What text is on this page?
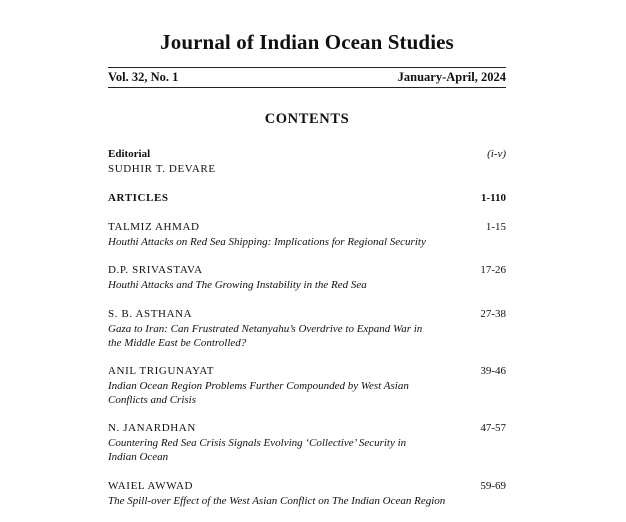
Journal of Indian Ocean Studies
Vol. 32, No. 1	January-April, 2024
CONTENTS
Editorial
SUDHIR T. DEVARE
(i-v)
ARTICLES	1-110
TALMIZ AHMAD
Houthi Attacks on Red Sea Shipping: Implications for Regional Security
1-15
D.P. SRIVASTAVA
Houthi Attacks and The Growing Instability in the Red Sea
17-26
S. B. ASTHANA
Gaza to Iran: Can Frustrated Netanyahu’s Overdrive to Expand War in the Middle East be Controlled?
27-38
ANIL TRIGUNAYAT
Indian Ocean Region Problems Further Compounded by West Asian Conflicts and Crisis
39-46
N. JANARDHAN
Countering Red Sea Crisis Signals Evolving ‘Collective’ Security in Indian Ocean
47-57
WAIEL AWWAD
The Spill-over Effect of the West Asian Conflict on The Indian Ocean Region
59-69
